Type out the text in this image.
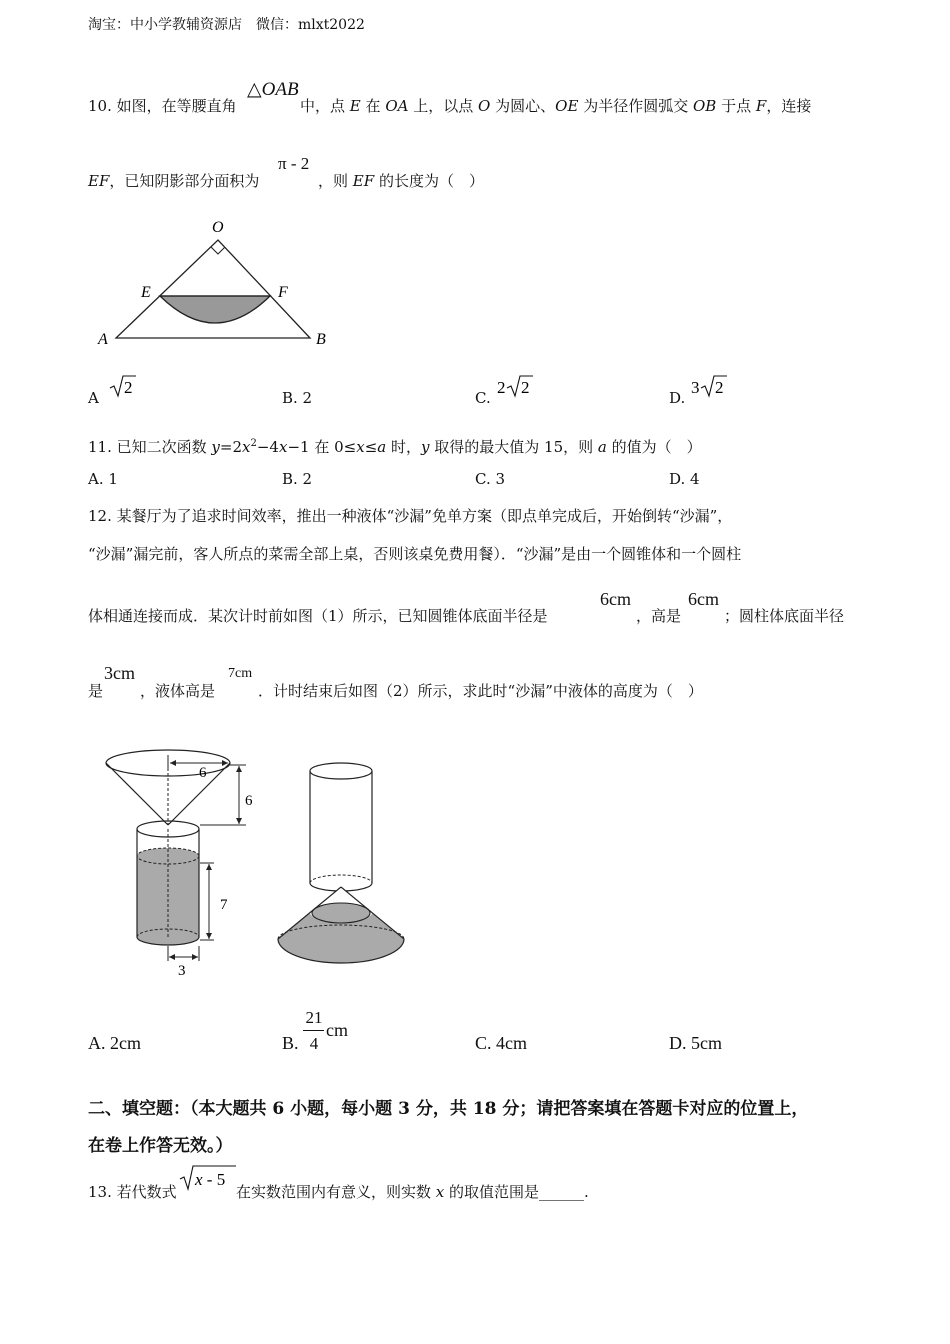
淘宝：中小学教辅资源店　微信：mlxt2022
10. 如图，在等腰直角
△OAB
中，点 E 在 OA 上，以点 O 为圆心、OE 为半径作圆弧交 OB 于点 F，连接
EF，已知阴影部分面积为
π - 2
，则 EF 的长度为（　）
O
E	F
A	B
A
2
B. 2	C.
2 2
D.
3 2
11. 已知二次函数 $y=2x^2-4x-1$ 在 0≤x≤a 时，y 取得的最大值为 15，则 a 的值为（　）
A. 1	B. 2	C. 3	D. 4
12. 某餐厅为了追求时间效率，推出一种液体“沙漏”免单方案（即点单完成后，开始倒转“沙漏”，
“沙漏”漏完前，客人所点的菜需全部上桌，否则该桌免费用餐）．“沙漏”是由一个圆锥体和一个圆柱
体相通连接而成．某次计时前如图（1）所示，已知圆锥体底面半径是
6cm
，高是
6cm
；圆柱体底面半径
是
3cm
，液体高是
7cm
．计时结束后如图（2）所示，求此时“沙漏”中液体的高度为（　）
6
6
7
3
A. 2cm	B.
21
4
cm
C. 4cm	D. 5cm
二、填空题：（本大题共 6 小题，每小题 3 分，共 18 分；请把答案填在答题卡对应的位置上，
在卷上作答无效。）
13. 若代数式
x - 5
在实数范围内有意义，则实数 x 的取值范围是______.
